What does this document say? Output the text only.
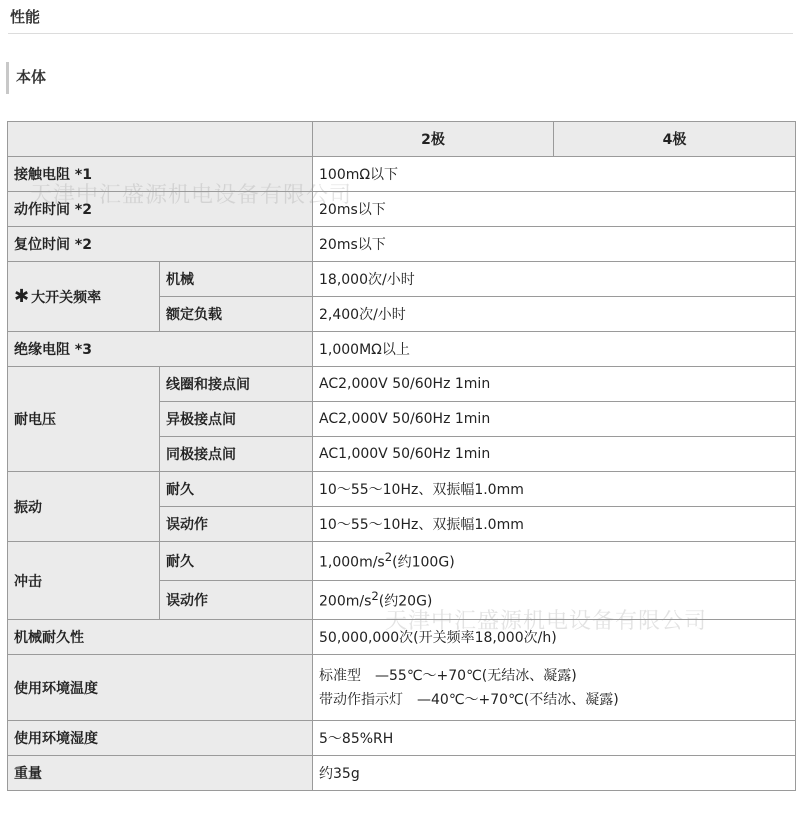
性能
本体
		2极	4极
接触电阻 *1		100mΩ以下	
动作时间 *2		20ms以下	
复位时间 *2		20ms以下	
✱ 大开关频率	机械	18,000次/小时	
	额定负载	2,400次/小时	
绝缘电阻 *3		1,000MΩ以上	
耐电压	线圈和接点间	AC2,000V 50/60Hz 1min	
	异极接点间	AC2,000V 50/60Hz 1min	
	同极接点间	AC1,000V 50/60Hz 1min	
振动	耐久	10～55～10Hz、双振幅1.0mm	
	误动作	10～55～10Hz、双振幅1.0mm	
冲击	耐久	$1,000m/s^2$(约100G)	
	误动作	$200m/s^2$(约20G)	
机械耐久性		50,000,000次(开关频率18,000次/h)	
使用环境温度		标准型　—55℃～+70℃(无结冰、凝露)
带动作指示灯　—40℃～+70℃(不结冰、凝露)	

使用环境湿度		5～85%RH	
重量		约35g	
天津中汇盛源机电设备有限公司
天津中汇盛源机电设备有限公司
